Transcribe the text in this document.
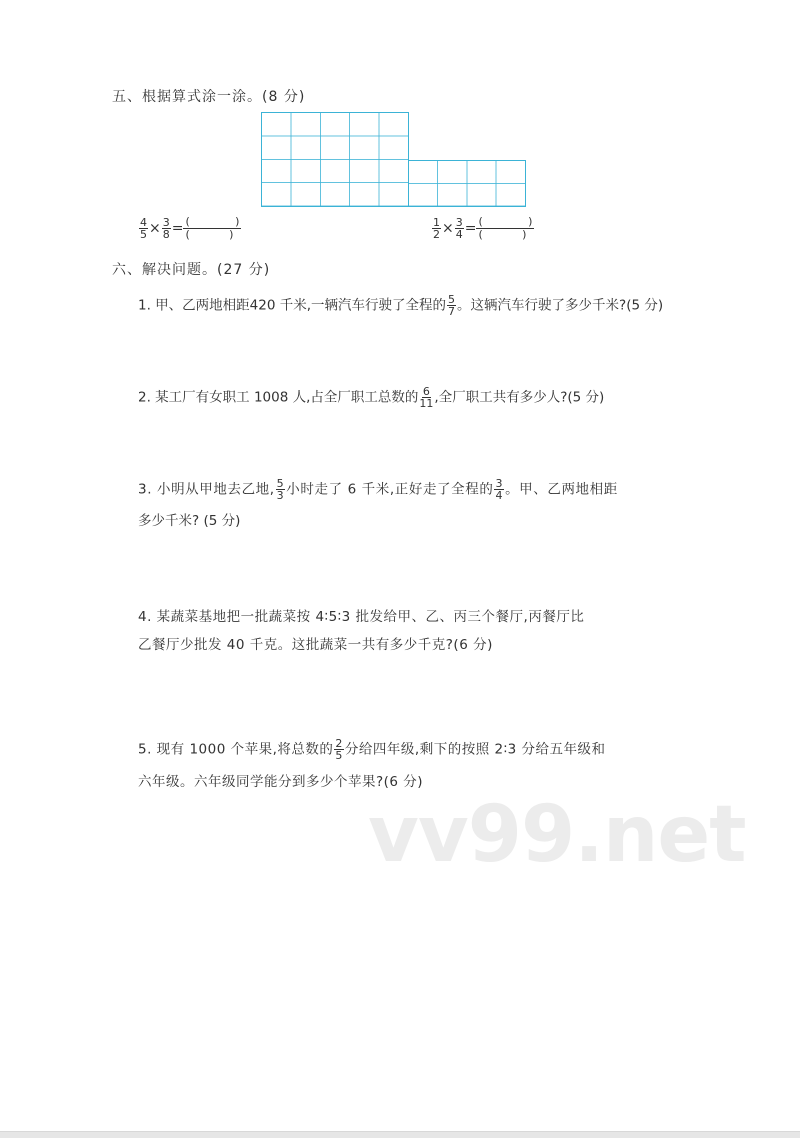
五、根据算式涂一涂。(8 分)
$\frac{4}{5} \times \frac{3}{8}$ = (	)
(	)	$\frac{1}{2} \times \frac{3}{4}$ = (	)
(	)
六、解决问题。(27 分)
1. 甲、乙两地相距420 千米,一辆汽车行驶了全程的 $\frac{5}{7}$ 。这辆汽车行驶了多少千米?(5 分)
2. 某工厂有女职工 1008 人,占全厂职工总数的 $\frac{6}{11}$ ,全厂职工共有多少人?(5 分)
3. 小明从甲地去乙地, $\frac{5}{3}$ 小时走了 6 千米,正好走了全程的 $\frac{3}{4}$ 。甲、乙两地相距
多少千米? (5 分)
4. 某蔬菜基地把一批蔬菜按 4∶5∶3 批发给甲、乙、丙三个餐厅,丙餐厅比
乙餐厅少批发 40 千克。这批蔬菜一共有多少千克?(6 分)
5. 现有 1000 个苹果,将总数的 $\frac{2}{5}$ 分给四年级,剩下的按照 2∶3 分给五年级和
六年级。六年级同学能分到多少个苹果?(6 分)
vv99.net
